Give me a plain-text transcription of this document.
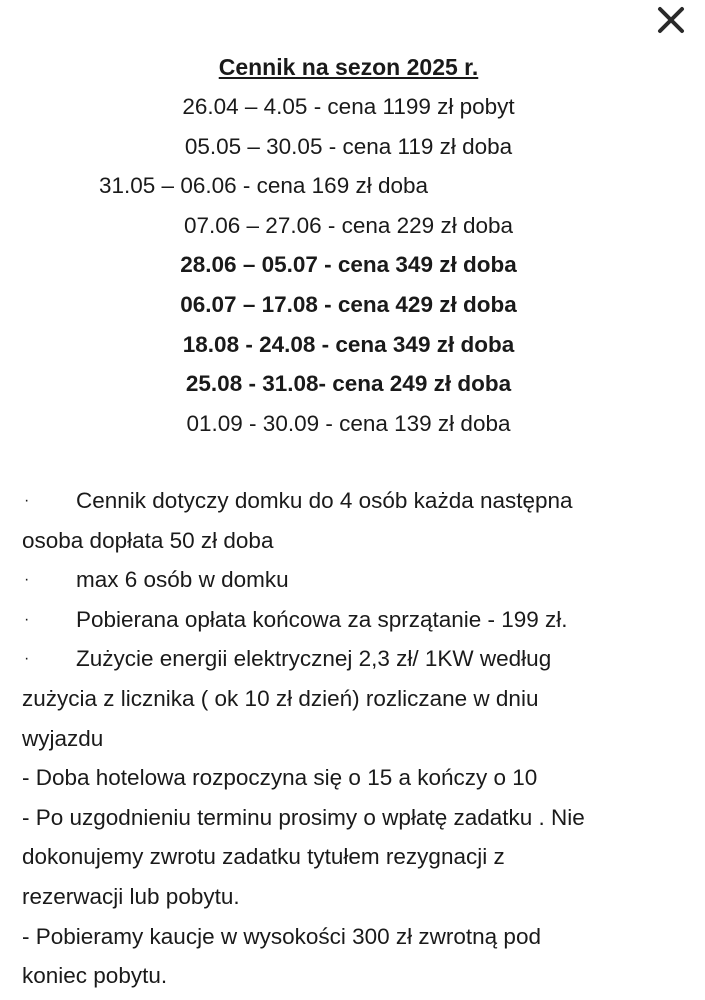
Cennik na sezon 2025 r.
26.04 – 4.05 - cena 1199 zł pobyt
05.05 – 30.05 - cena 119 zł doba
31.05 – 06.06 - cena 169 zł doba
07.06 – 27.06 - cena 229 zł doba
28.06 – 05.07 - cena 349 zł doba
06.07 – 17.08 - cena 429 zł doba
18.08 - 24.08 - cena 349 zł doba
25.08 - 31.08- cena 249 zł doba
01.09 - 30.09 - cena 139 zł doba
· Cennik dotyczy domku do 4 osób każda następna

osoba dopłata 50 zł doba

· max 6 osób w domku

· Pobierana opłata końcowa za sprzątanie - 199 zł.

· Zużycie energii elektrycznej 2,3 zł/ 1KW według

zużycia z licznika ( ok 10 zł dzień) rozliczane w dniu

wyjazdu

- Doba hotelowa rozpoczyna się o 15 a kończy o 10

- Po uzgodnieniu terminu prosimy o wpłatę zadatku . Nie

dokonujemy zwrotu zadatku tytułem rezygnacji z

rezerwacji lub pobytu.

- Pobieramy kaucje w wysokości 300 zł zwrotną pod

koniec pobytu.
